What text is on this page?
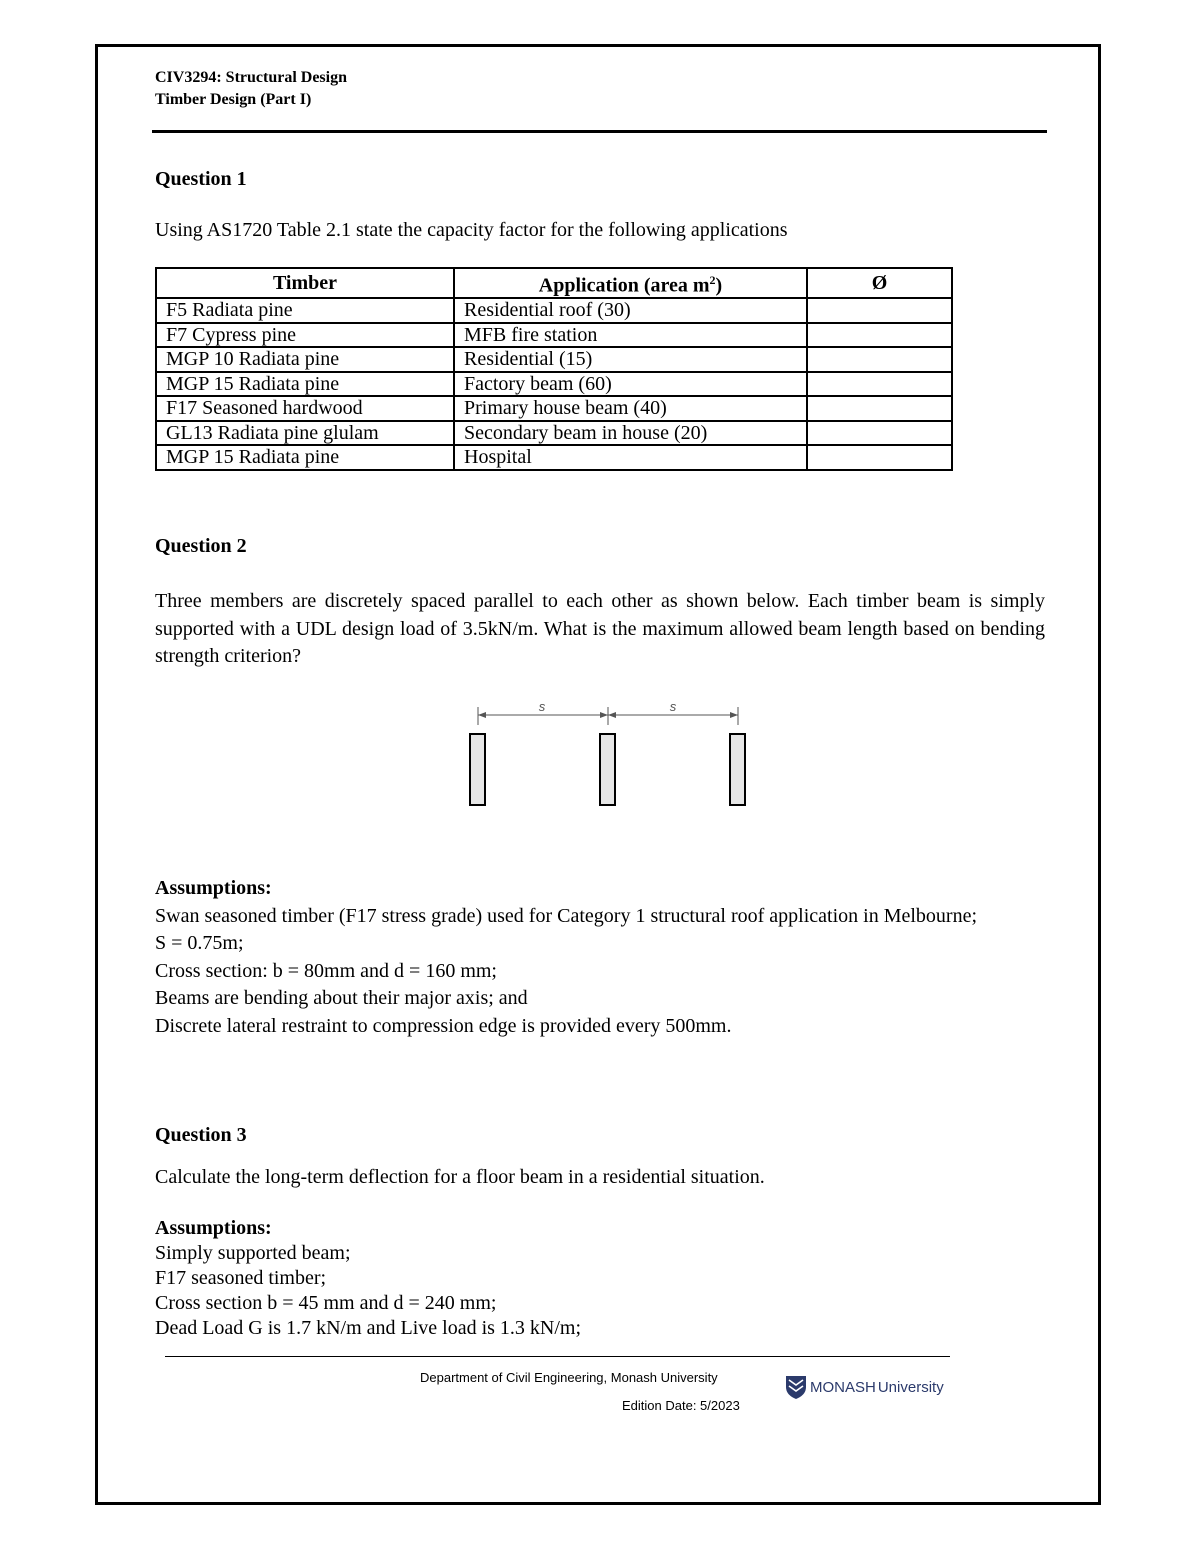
CIV3294: Structural Design
Timber Design (Part I)
Question 1
Using AS1720 Table 2.1 state the capacity factor for the following applications
Timber	Application (area $m^2$)	Ø
F5 Radiata pine	Residential roof (30)	
F7 Cypress pine	MFB fire station	
MGP 10 Radiata pine	Residential (15)	
MGP 15 Radiata pine	Factory beam (60)	
F17 Seasoned hardwood	Primary house beam (40)	
GL13 Radiata pine glulam	Secondary beam in house (20)	
MGP 15 Radiata pine	Hospital	
Question 2
Three members are discretely spaced parallel to each other as shown below. Each timber beam is simply supported with a UDL design load of 3.5kN/m. What is the maximum allowed beam length based on bending strength criterion?
s	s
Assumptions:
Swan seasoned timber (F17 stress grade) used for Category 1 structural roof application in Melbourne;
S = 0.75m;
Cross section: b = 80mm and d = 160 mm;
Beams are bending about their major axis; and
Discrete lateral restraint to compression edge is provided every 500mm.
Question 3
Calculate the long-term deflection for a floor beam in a residential situation.
Assumptions:
Simply supported beam;
F17 seasoned timber;
Cross section b = 45 mm and d = 240 mm;
Dead Load G is 1.7 kN/m and Live load is 1.3 kN/m;
Department of Civil Engineering, Monash University
Edition Date: 5/2023
MONASH University
